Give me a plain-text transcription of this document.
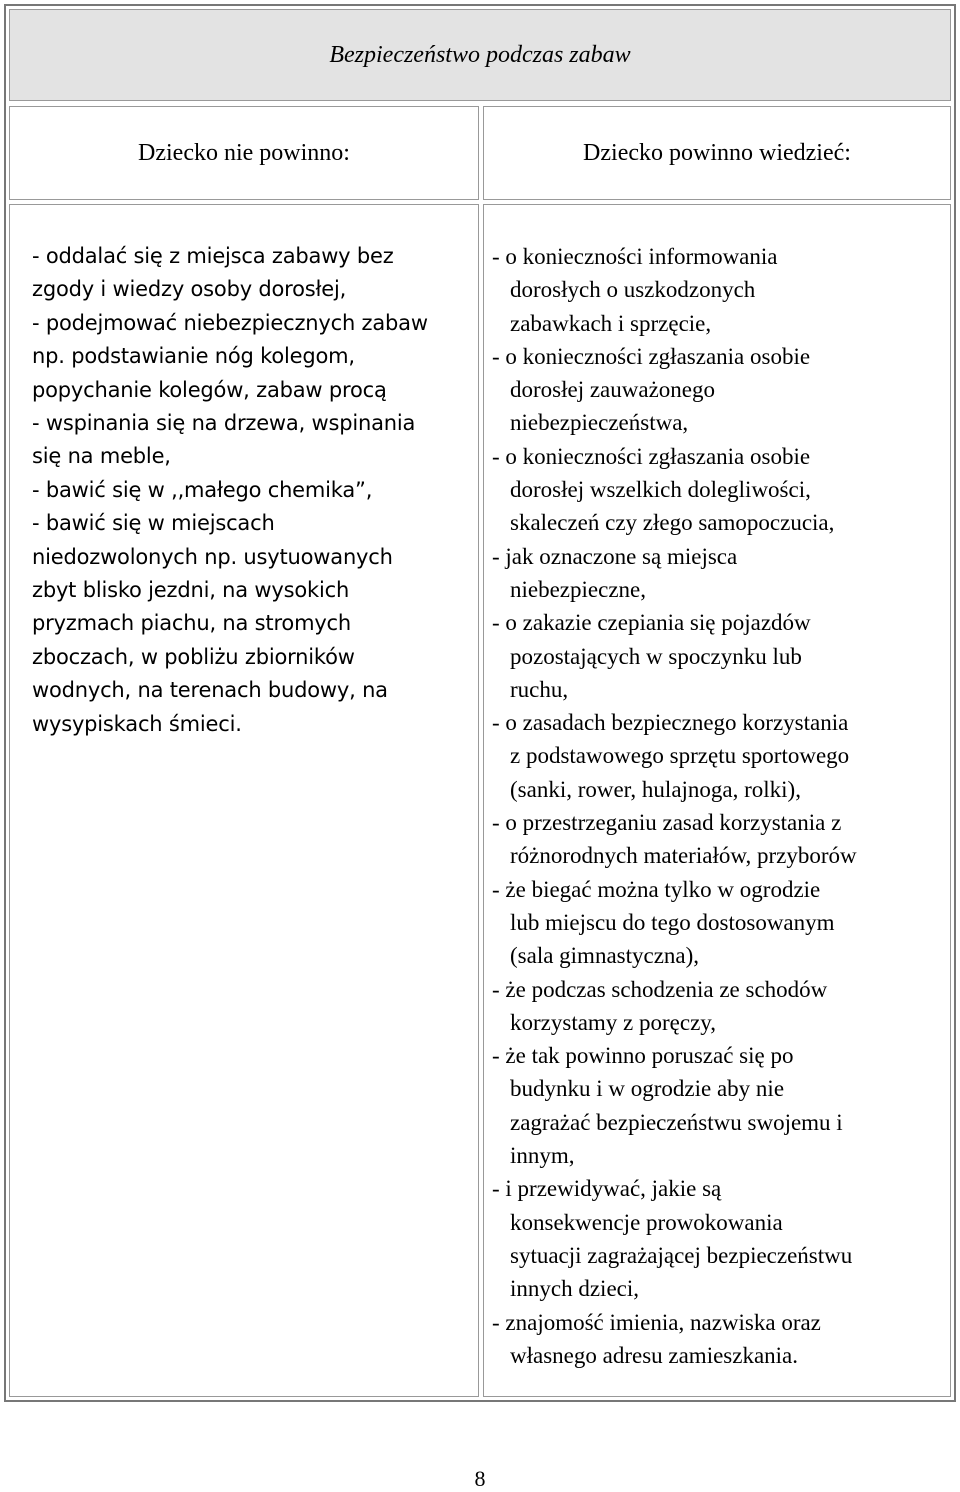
Bezpieczeństwo podczas zabaw
Dziecko nie powinno:	Dziecko powinno wiedzieć:
- oddalać się z miejsca zabawy bez
zgody i wiedzy osoby dorosłej,
- podejmować niebezpiecznych zabaw
np. podstawianie nóg kolegom,
popychanie kolegów, zabaw procą
- wspinania się na drzewa, wspinania
się na meble,
- bawić się w ,,małego chemika”,
- bawić się w miejscach
niedozwolonych np. usytuowanych
zbyt blisko jezdni, na wysokich
pryzmach piachu, na stromych
zboczach, w pobliżu zbiorników
wodnych, na terenach budowy, na
wysypiskach śmieci.
- o konieczności informowania
dorosłych o uszkodzonych
zabawkach i sprzęcie,
- o konieczności zgłaszania osobie
dorosłej zauważonego
niebezpieczeństwa,
- o konieczności zgłaszania osobie
dorosłej wszelkich dolegliwości,
skaleczeń czy złego samopoczucia,
- jak oznaczone są miejsca
niebezpieczne,
- o zakazie czepiania się pojazdów
pozostających w spoczynku lub
ruchu,
- o zasadach bezpiecznego korzystania
z podstawowego sprzętu sportowego
(sanki, rower, hulajnoga, rolki),
- o przestrzeganiu zasad korzystania z
różnorodnych materiałów, przyborów
- że biegać można tylko w ogrodzie
lub miejscu do tego dostosowanym
(sala gimnastyczna),
- że podczas schodzenia ze schodów
korzystamy z poręczy,
- że tak powinno poruszać się po
budynku i w ogrodzie aby nie
zagrażać bezpieczeństwu swojemu i
innym,
- i przewidywać, jakie są
konsekwencje prowokowania
sytuacji zagrażającej bezpieczeństwu
innych dzieci,
- znajomość imienia, nazwiska oraz
własnego adresu zamieszkania.
8
